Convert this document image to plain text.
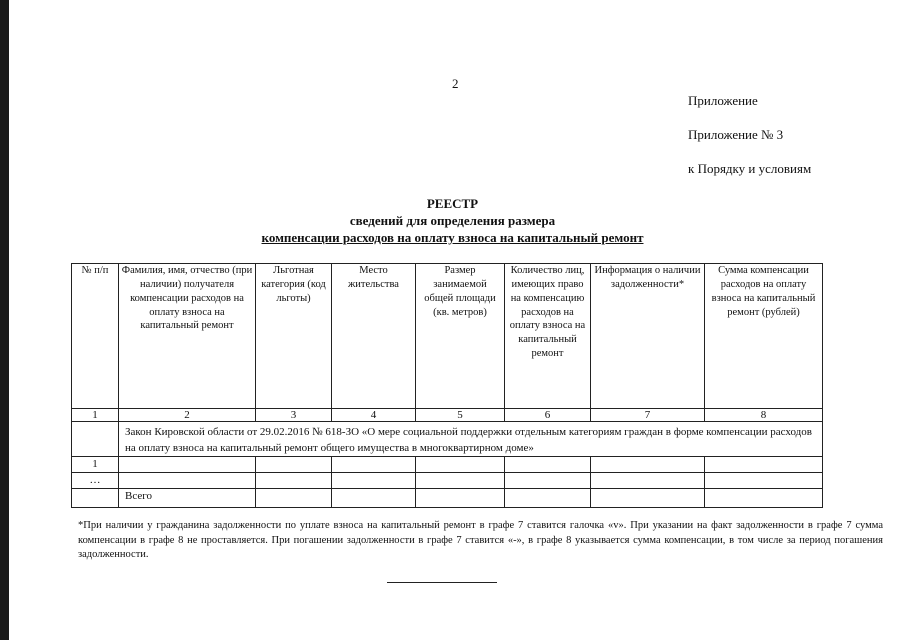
2
Приложение
Приложение № 3
к Порядку и условиям
РЕЕСТР
сведений для определения размера
компенсации расходов на оплату взноса на капитальный ремонт
№ п/п	Фамилия, имя, отчество (при наличии) получателя компенсации расходов на оплату взноса на капитальный ремонт	Льготная категория (код льготы)	Место жительства	Размер занимаемой общей площади (кв. метров)	Количество лиц, имеющих право на компенсацию расходов на оплату взноса на капитальный ремонт	Информация о наличии задолженности*	Сумма компенсации расходов на оплату взноса на капитальный ремонт (рублей)
1	2	3	4	5	6	7	8
	Закон Кировской области от 29.02.2016 № 618-ЗО «О мере социальной поддержки отдельным категориям граждан в форме компенсации расходов на оплату взноса на капитальный ремонт общего имущества в многоквартирном доме»						
1							
…							
	Всего						
*При наличии у гражданина задолженности по уплате взноса на капитальный ремонт в графе 7 ставится галочка «v». При указании на факт задолженности в графе 7 сумма компенсации в графе 8 не проставляется. При погашении задолженности в графе 7 ставится «-», в графе 8 указывается сумма компенсации, в том числе за период погашения задолженности.
